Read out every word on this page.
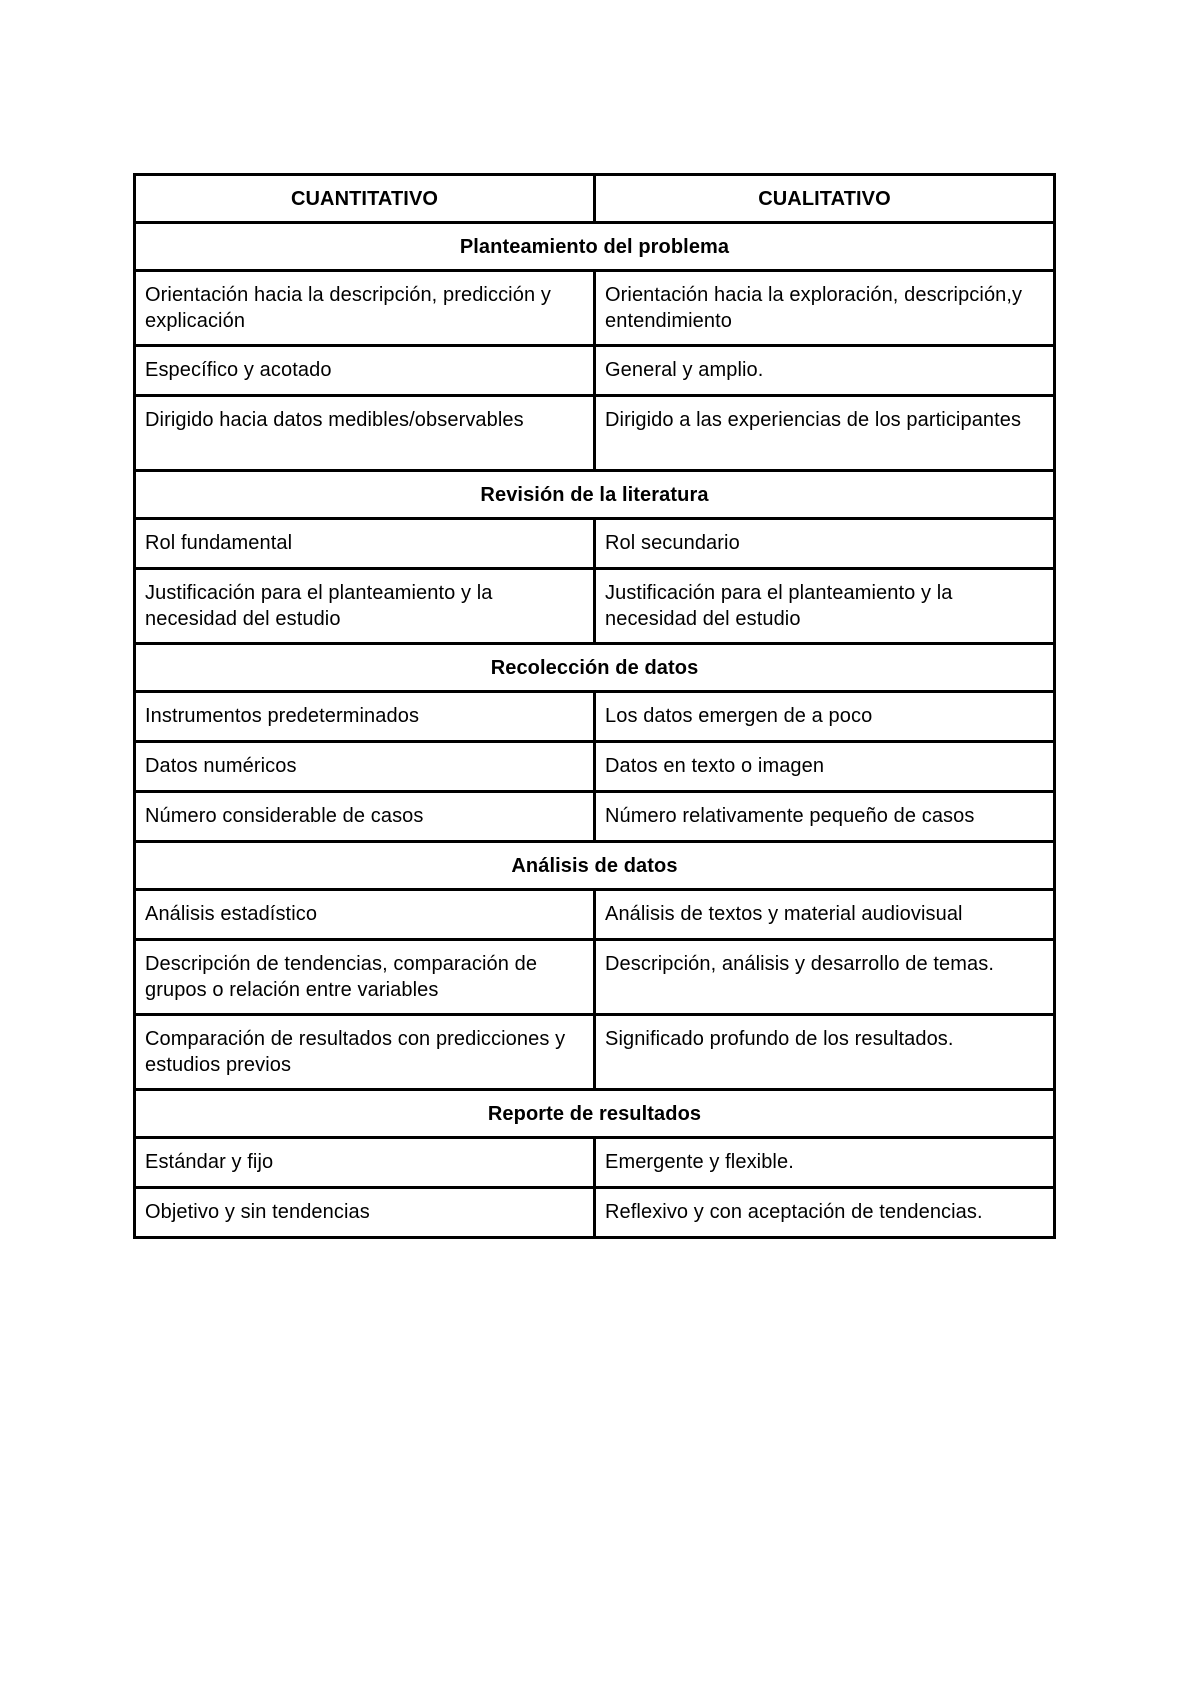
CUANTITATIVO	CUALITATIVO
Planteamiento del problema	
Orientación hacia la descripción, predicción y explicación	Orientación hacia la exploración, descripción,y entendimiento
Específico y acotado	General y amplio.
Dirigido hacia datos medibles/observables	Dirigido a las experiencias de los participantes
Revisión de la literatura	
Rol fundamental	Rol secundario
Justificación para el planteamiento y la necesidad del estudio	Justificación para el planteamiento y la necesidad del estudio
Recolección de datos	
Instrumentos predeterminados	Los datos emergen de a poco
Datos numéricos	Datos en texto o imagen
Número considerable de casos	Número relativamente pequeño de casos
Análisis de datos	
Análisis estadístico	Análisis de textos y material audiovisual
Descripción de tendencias, comparación de grupos o relación entre variables	Descripción, análisis y desarrollo de temas.
Comparación de resultados con predicciones y estudios previos	Significado profundo de los resultados.
Reporte de resultados	
Estándar y fijo	Emergente y flexible.
Objetivo y sin tendencias	Reflexivo y con aceptación de tendencias.
